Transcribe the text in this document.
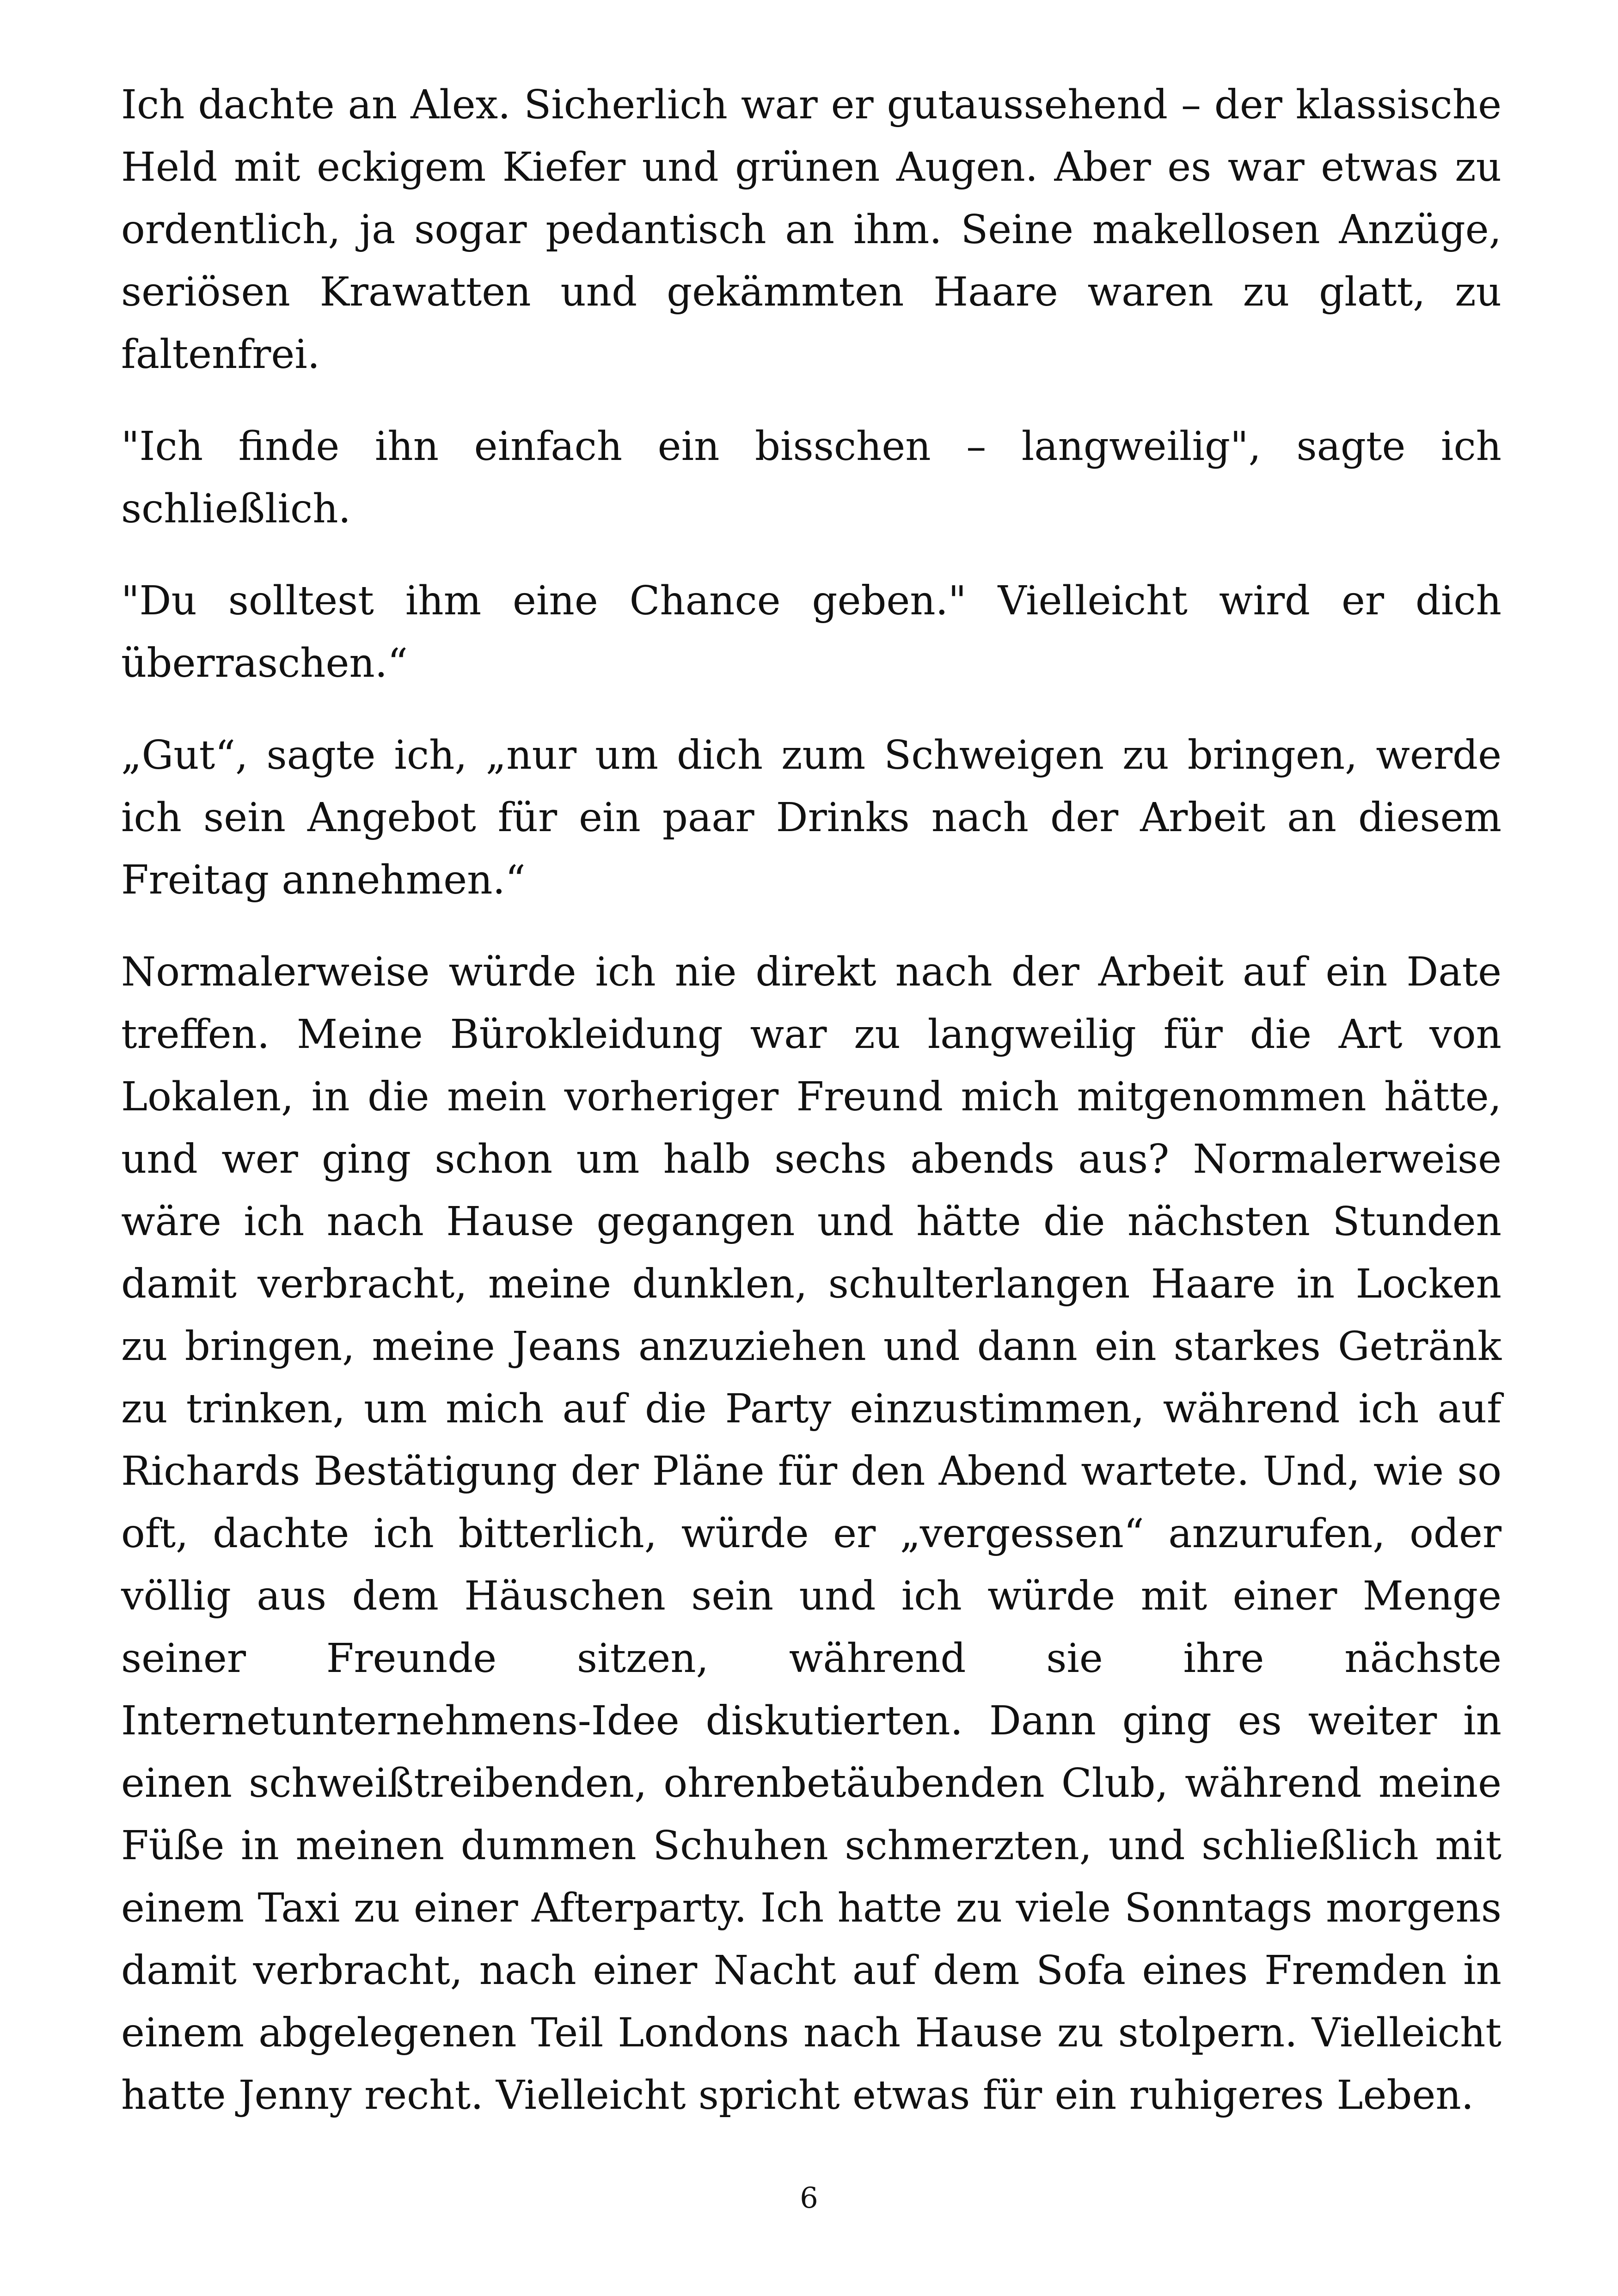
Ich dachte an Alex. Sicherlich war er gutaussehend – der klassische Held mit eckigem Kiefer und grünen Augen. Aber es war etwas zu ordentlich, ja sogar pedantisch an ihm. Seine makellosen Anzüge, seriösen Krawatten und gekämmten Haare waren zu glatt, zu faltenfrei.

"Ich finde ihn einfach ein bisschen – langweilig", sagte ich schließlich.

"Du solltest ihm eine Chance geben." Vielleicht wird er dich überraschen.“

„Gut“, sagte ich, „nur um dich zum Schweigen zu bringen, werde ich sein Angebot für ein paar Drinks nach der Arbeit an diesem Freitag annehmen.“

Normalerweise würde ich nie direkt nach der Arbeit auf ein Date treffen. Meine Bürokleidung war zu langweilig für die Art von Lokalen, in die mein vorheriger Freund mich mitgenommen hätte, und wer ging schon um halb sechs abends aus? Normalerweise wäre ich nach Hause gegangen und hätte die nächsten Stunden damit verbracht, meine dunklen, schulterlangen Haare in Locken zu bringen, meine Jeans anzuziehen und dann ein starkes Getränk zu trinken, um mich auf die Party einzustimmen, während ich auf Richards Bestätigung der Pläne für den Abend wartete. Und, wie so oft, dachte ich bitterlich, würde er „vergessen“ anzurufen, oder völlig aus dem Häuschen sein und ich würde mit einer Menge seiner Freunde sitzen, während sie ihre nächste Internetunternehmens-Idee diskutierten. Dann ging es weiter in einen schweißtreibenden, ohrenbetäubenden Club, während meine Füße in meinen dummen Schuhen schmerzten, und schließlich mit einem Taxi zu einer Afterparty. Ich hatte zu viele Sonntags morgens damit verbracht, nach einer Nacht auf dem Sofa eines Fremden in einem abgelegenen Teil Londons nach Hause zu stolpern. Vielleicht hatte Jenny recht. Vielleicht spricht etwas für ein ruhigeres Leben.

6
